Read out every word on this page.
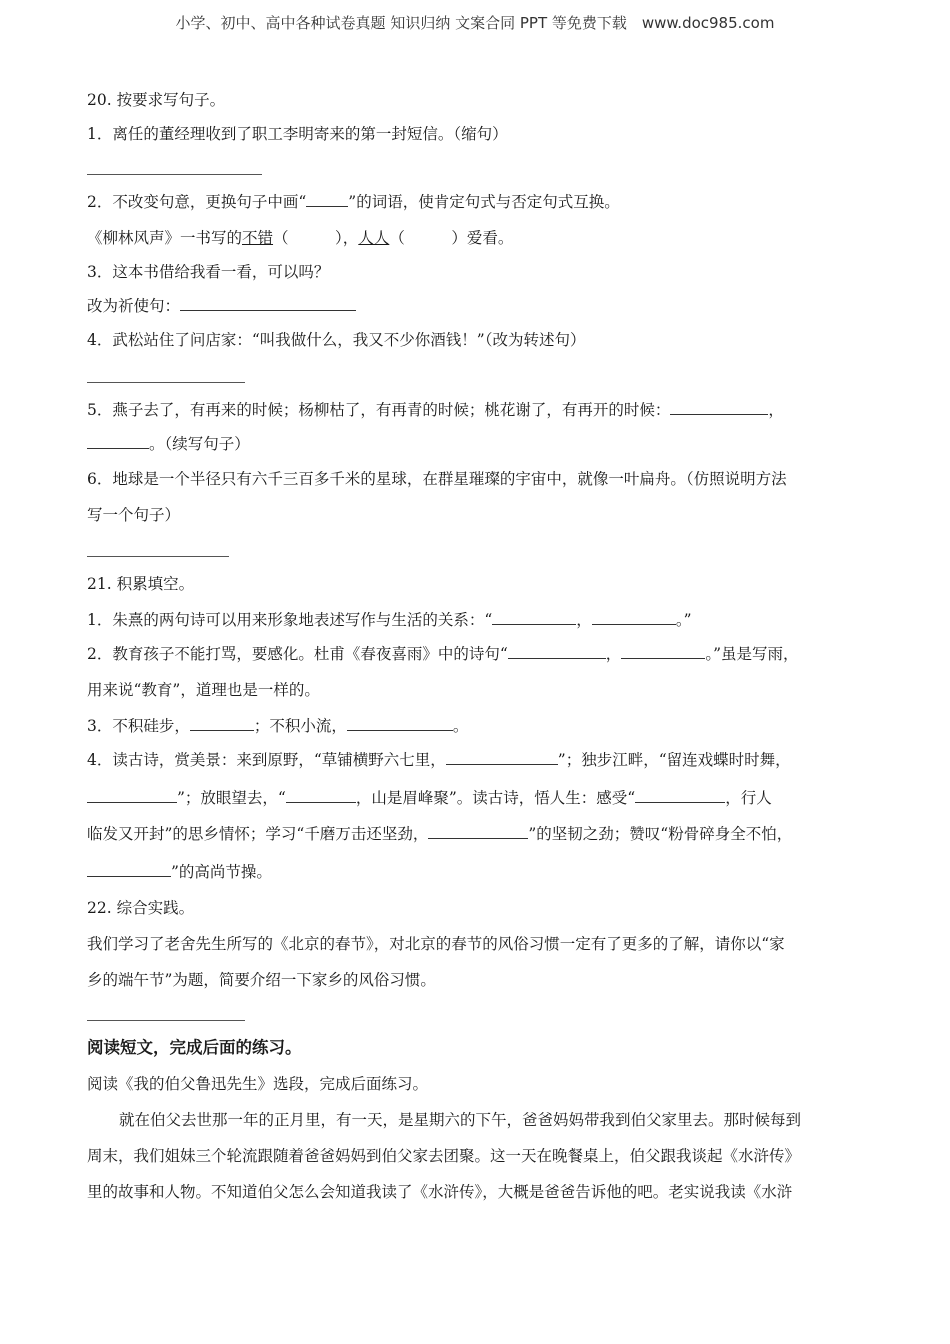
小学、初中、高中各种试卷真题 知识归纳 文案合同 PPT 等免费下载　www.doc985.com
20. 按要求写句子。
1．离任的董经理收到了职工李明寄来的第一封短信。（缩句）
2．不改变句意，更换句子中画“	”的词语，使肯定句式与否定句式互换。
《柳林风声》一书写的不错（　　　），人人（　　　）爱看。
3．这本书借给我看一看，可以吗？
改为祈使句：
4．武松站住了问店家：“叫我做什么，我又不少你酒钱！”（改为转述句）
5．燕子去了，有再来的时候；杨柳枯了，有再青的时候；桃花谢了，有再开的时候：	，
。（续写句子）
6．地球是一个半径只有六千三百多千米的星球，在群星璀璨的宇宙中，就像一叶扁舟。（仿照说明方法
写一个句子）
21. 积累填空。
1．朱熹的两句诗可以用来形象地表述写作与生活的关系：“	，	。”
2．教育孩子不能打骂，要感化。杜甫《春夜喜雨》中的诗句“	，	。”虽是写雨，
用来说“教育”，道理也是一样的。
3．不积硅步，	；不积小流，	。
4．读古诗，赏美景：来到原野，“草铺横野六七里，	”；独步江畔，“留连戏蝶时时舞，
”；放眼望去，“	，山是眉峰聚”。读古诗，悟人生：感受“	，行人
临发又开封”的思乡情怀；学习“千磨万击还坚劲，	”的坚韧之劲；赞叹“粉骨碎身全不怕，
”的高尚节操。
22. 综合实践。
我们学习了老舍先生所写的《北京的春节》，对北京的春节的风俗习惯一定有了更多的了解，请你以“家
乡的端午节”为题，简要介绍一下家乡的风俗习惯。
阅读短文，完成后面的练习。
阅读《我的伯父鲁迅先生》选段，完成后面练习。
就在伯父去世那一年的正月里，有一天，是星期六的下午，爸爸妈妈带我到伯父家里去。那时候每到
周末，我们姐妹三个轮流跟随着爸爸妈妈到伯父家去团聚。这一天在晚餐桌上，伯父跟我谈起《水浒传》
里的故事和人物。不知道伯父怎么会知道我读了《水浒传》，大概是爸爸告诉他的吧。老实说我读《水浒
